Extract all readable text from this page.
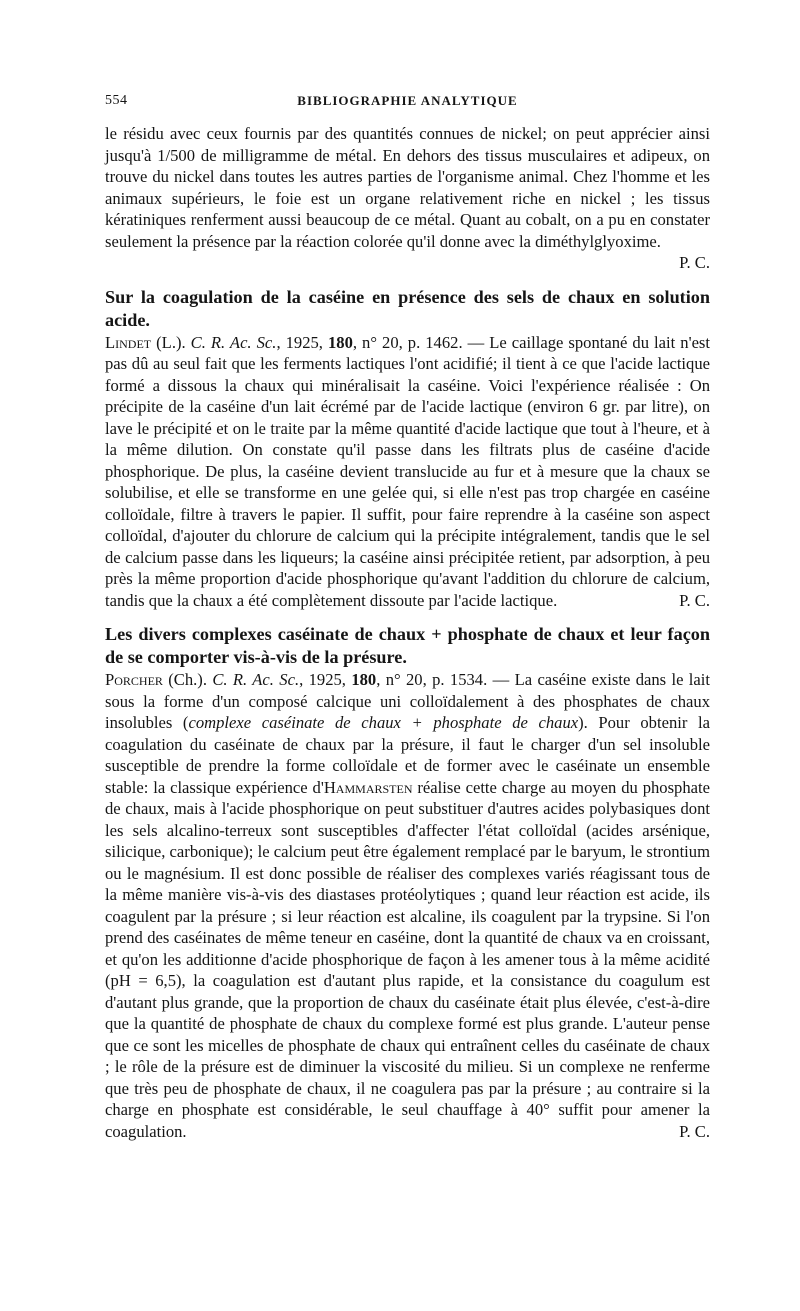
554	BIBLIOGRAPHIE ANALYTIQUE

le résidu avec ceux fournis par des quantités connues de nickel; on peut apprécier ainsi jusqu'à 1/500 de milligramme de métal. En dehors des tissus musculaires et adipeux, on trouve du nickel dans toutes les autres parties de l'organisme animal. Chez l'homme et les animaux supérieurs, le foie est un organe relativement riche en nickel ; les tissus kératiniques renferment aussi beaucoup de ce métal. Quant au cobalt, on a pu en constater seulement la présence par la réaction colorée qu'il donne avec la diméthylglyoxime.

P. C.

Sur la coagulation de la caséine en présence des sels de chaux en solution acide.

Lindet (L.). C. R. Ac. Sc., 1925, 180, n° 20, p. 1462. — Le caillage spontané du lait n'est pas dû au seul fait que les ferments lactiques l'ont acidifié; il tient à ce que l'acide lactique formé a dissous la chaux qui minéralisait la caséine. Voici l'expérience réalisée : On précipite de la caséine d'un lait écrémé par de l'acide lactique (environ 6 gr. par litre), on lave le précipité et on le traite par la même quantité d'acide lactique que tout à l'heure, et à la même dilution. On constate qu'il passe dans les filtrats plus de caséine d'acide phosphorique. De plus, la caséine devient translucide au fur et à mesure que la chaux se solubilise, et elle se transforme en une gelée qui, si elle n'est pas trop chargée en caséine colloïdale, filtre à travers le papier. Il suffit, pour faire reprendre à la caséine son aspect colloïdal, d'ajouter du chlorure de calcium qui la précipite intégralement, tandis que le sel de calcium passe dans les liqueurs; la caséine ainsi précipitée retient, par adsorption, à peu près la même proportion d'acide phosphorique qu'avant l'addition du chlorure de calcium, tandis que la chaux a été complètement dissoute par l'acide lactique.	P. C.

Les divers complexes caséinate de chaux + phosphate de chaux et leur façon de se comporter vis-à-vis de la présure.

Porcher (Ch.). C. R. Ac. Sc., 1925, 180, n° 20, p. 1534. — La caséine existe dans le lait sous la forme d'un composé calcique uni colloïdalement à des phosphates de chaux insolubles (complexe caséinate de chaux + phosphate de chaux). Pour obtenir la coagulation du caséinate de chaux par la présure, il faut le charger d'un sel insoluble susceptible de prendre la forme colloïdale et de former avec le caséinate un ensemble stable: la classique expérience d'Hammarsten réalise cette charge au moyen du phosphate de chaux, mais à l'acide phosphorique on peut substituer d'autres acides polybasiques dont les sels alcalino-terreux sont susceptibles d'affecter l'état colloïdal (acides arsénique, silicique, carbonique); le calcium peut être également remplacé par le baryum, le strontium ou le magnésium. Il est donc possible de réaliser des complexes variés réagissant tous de la même manière vis-à-vis des diastases protéolytiques ; quand leur réaction est acide, ils coagulent par la présure ; si leur réaction est alcaline, ils coagulent par la trypsine. Si l'on prend des caséinates de même teneur en caséine, dont la quantité de chaux va en croissant, et qu'on les additionne d'acide phosphorique de façon à les amener tous à la même acidité (pH = 6,5), la coagulation est d'autant plus rapide, et la consistance du coagulum est d'autant plus grande, que la proportion de chaux du caséinate était plus élevée, c'est-à-dire que la quantité de phosphate de chaux du complexe formé est plus grande. L'auteur pense que ce sont les micelles de phosphate de chaux qui entraînent celles du caséinate de chaux ; le rôle de la présure est de diminuer la viscosité du milieu. Si un complexe ne renferme que très peu de phosphate de chaux, il ne coagulera pas par la présure ; au contraire si la charge en phosphate est considérable, le seul chauffage à 40° suffit pour amener la coagulation.	P. C.
